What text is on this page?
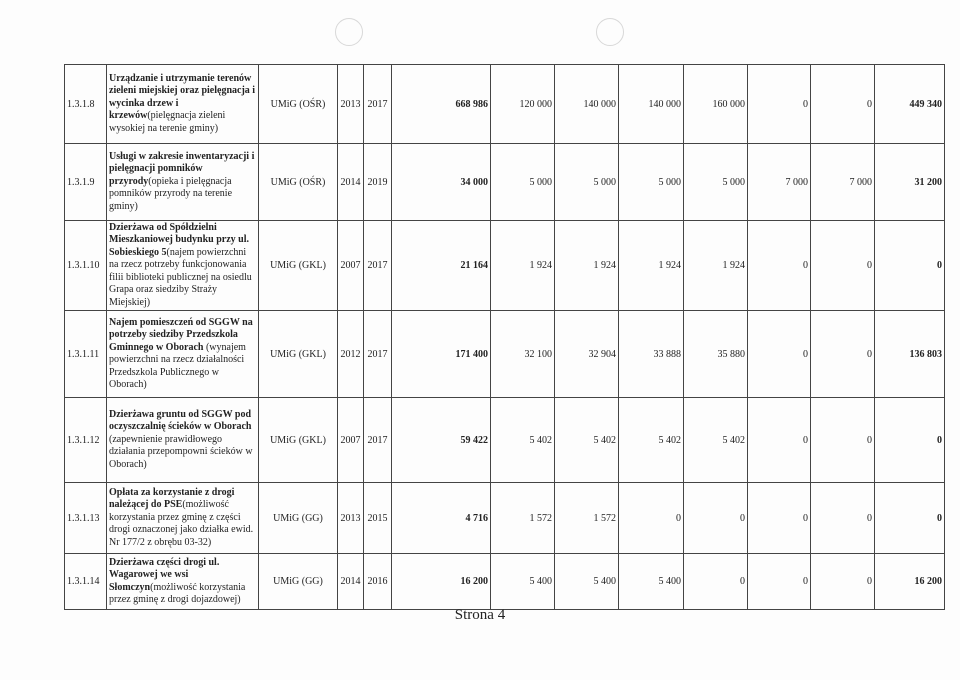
1.3.1.8	Urządzanie i utrzymanie terenów zieleni miejskiej oraz pielęgnacja i wycinka drzew i krzewów(pielęgnacja zieleni wysokiej na terenie gminy)	UMiG (OŚR)	2013	2017	668 986	120 000	140 000	140 000	160 000	0	0	449 340
1.3.1.9	Usługi w zakresie inwentaryzacji i pielęgnacji pomników przyrody(opieka i pielęgnacja pomników przyrody na terenie gminy)	UMiG (OŚR)	2014	2019	34 000	5 000	5 000	5 000	5 000	7 000	7 000	31 200
1.3.1.10	Dzierżawa od Spółdzielni Mieszkaniowej budynku przy ul. Sobieskiego 5(najem powierzchni na rzecz potrzeby funkcjonowania filii biblioteki publicznej na osiedlu Grapa oraz siedziby Straży Miejskiej)	UMiG (GKL)	2007	2017	21 164	1 924	1 924	1 924	1 924	0	0	0
1.3.1.11	Najem pomieszczeń od SGGW na potrzeby siedziby Przedszkola Gminnego w Oborach (wynajem powierzchni na rzecz działalności Przedszkola Publicznego w Oborach)	UMiG (GKL)	2012	2017	171 400	32 100	32 904	33 888	35 880	0	0	136 803
1.3.1.12	Dzierżawa gruntu od SGGW pod oczyszczalnię ścieków w Oborach (zapewnienie prawidłowego działania przepompowni ścieków w Oborach)	UMiG (GKL)	2007	2017	59 422	5 402	5 402	5 402	5 402	0	0	0
1.3.1.13	Opłata za korzystanie z drogi należącej do PSE(możliwość korzystania przez gminę z części drogi oznaczonej jako działka ewid. Nr 177/2 z obrębu 03-32)	UMiG (GG)	2013	2015	4 716	1 572	1 572	0	0	0	0	0
1.3.1.14	Dzierżawa części drogi ul. Wagarowej we wsi Słomczyn(możliwość korzystania przez gminę z drogi dojazdowej)	UMiG (GG)	2014	2016	16 200	5 400	5 400	5 400	0	0	0	16 200
Strona 4
